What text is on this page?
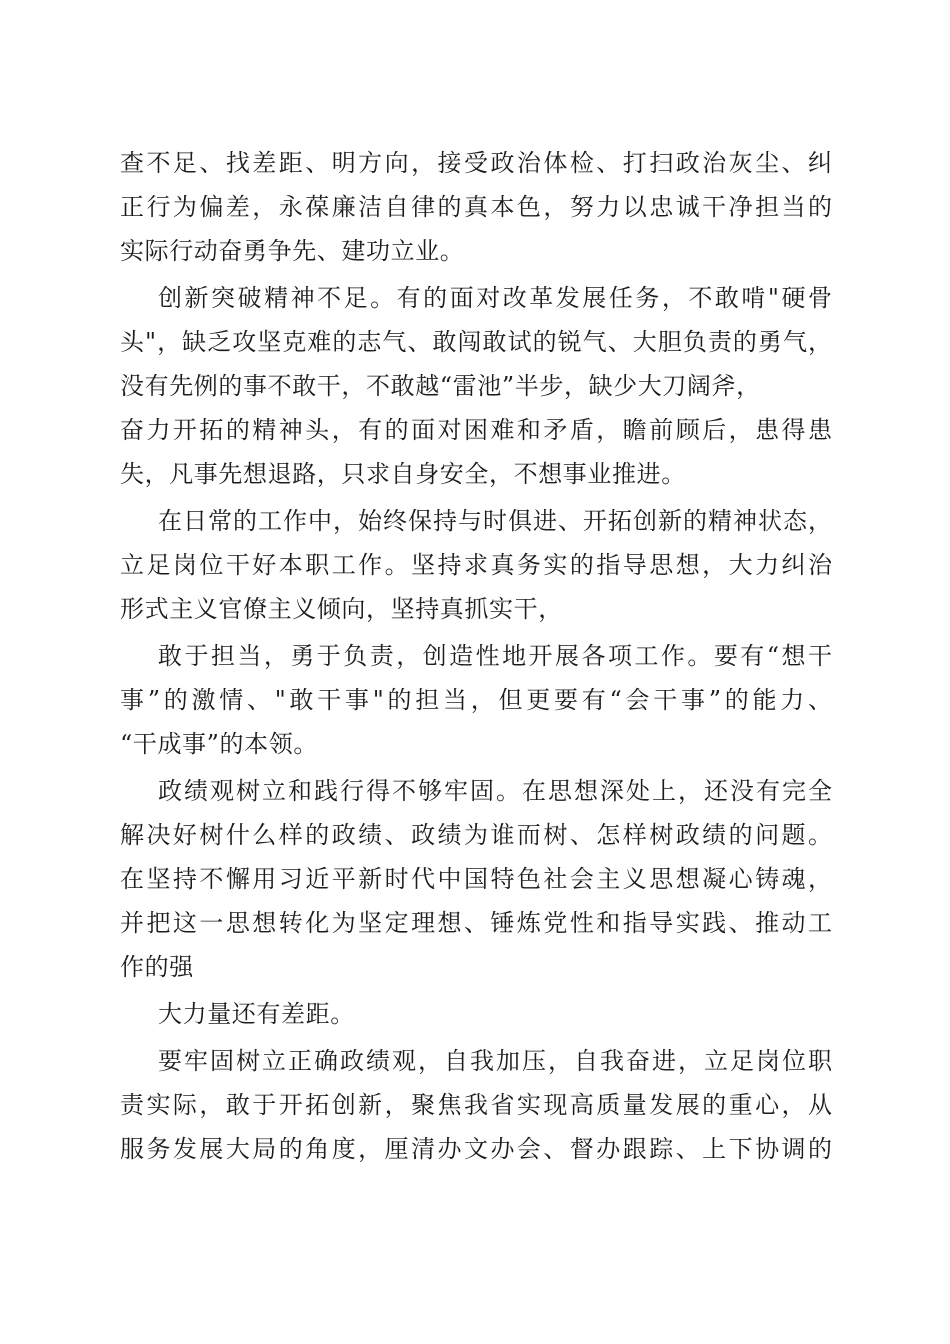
查不足、找差距、明方向，接受政治体检、打扫政治灰尘、纠
正行为偏差，永葆廉洁自律的真本色，努力以忠诚干净担当的
实际行动奋勇争先、建功立业。
创新突破精神不足。有的面对改革发展任务，不敢啃"硬骨
头"，缺乏攻坚克难的志气、敢闯敢试的锐气、大胆负责的勇气，
没有先例的事不敢干，不敢越“雷池”半步，缺少大刀阔斧，
奋力开拓的精神头，有的面对困难和矛盾，瞻前顾后，患得患
失，凡事先想退路，只求自身安全，不想事业推进。
在日常的工作中，始终保持与时俱进、开拓创新的精神状态，
立足岗位干好本职工作。坚持求真务实的指导思想，大力纠治
形式主义官僚主义倾向，坚持真抓实干，
敢于担当，勇于负责，创造性地开展各项工作。要有“想干
事”的激情、"敢干事"的担当，但更要有“会干事”的能力、
“干成事”的本领。
政绩观树立和践行得不够牢固。在思想深处上，还没有完全
解决好树什么样的政绩、政绩为谁而树、怎样树政绩的问题。
在坚持不懈用习近平新时代中国特色社会主义思想凝心铸魂，
并把这一思想转化为坚定理想、锤炼党性和指导实践、推动工
作的强
大力量还有差距。
要牢固树立正确政绩观，自我加压，自我奋进，立足岗位职
责实际，敢于开拓创新，聚焦我省实现高质量发展的重心，从
服务发展大局的角度，厘清办文办会、督办跟踪、上下协调的
